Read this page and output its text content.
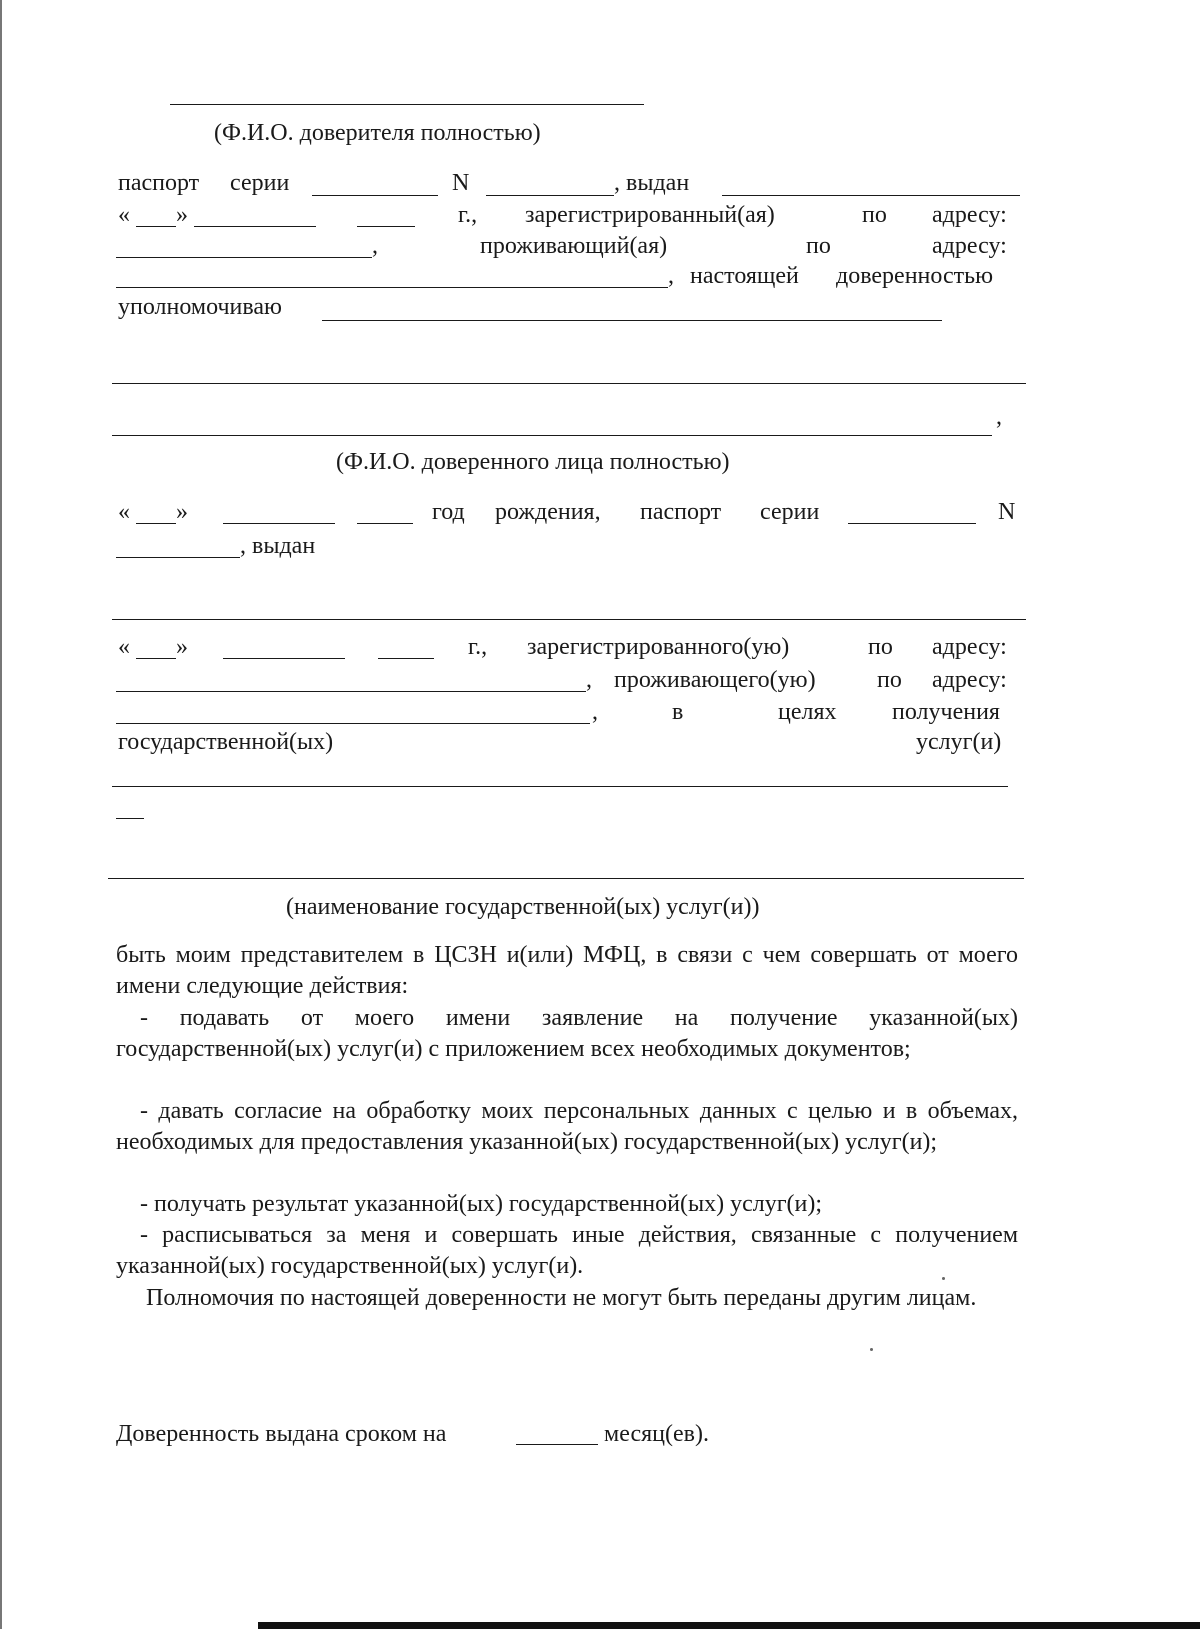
(Ф.И.О. доверителя полностью)
паспорт серии	N	, выдан
« »	г., зарегистрированный(ая)	по адресу:
,	проживающий(ая)	по	адресу:
, настоящей доверенностью
уполномочиваю
,
(Ф.И.О. доверенного лица полностью)
« »	год рождения, паспорт серии	N
, выдан
« »	г., зарегистрированного(ую)	по адресу:
, проживающего(ую)	по адресу:
,	в	целях получения
государственной(ых)	услуг(и)
(наименование государственной(ых) услуг(и))
быть моим представителем в ЦСЗН и(или) МФЦ, в связи с чем совершать от моего имени следующие действия:
- подавать от моего имени заявление на получение указанной(ых) государственной(ых) услуг(и) с приложением всех необходимых документов;
- давать согласие на обработку моих персональных данных с целью и в объемах, необходимых для предоставления указанной(ых) государственной(ых) услуг(и);
- получать результат указанной(ых) государственной(ых) услуг(и);
- расписываться за меня и совершать иные действия, связанные с получением указанной(ых) государственной(ых) услуг(и).
Полномочия по настоящей доверенности не могут быть переданы другим лицам.
Доверенность выдана сроком на	месяц(ев).
